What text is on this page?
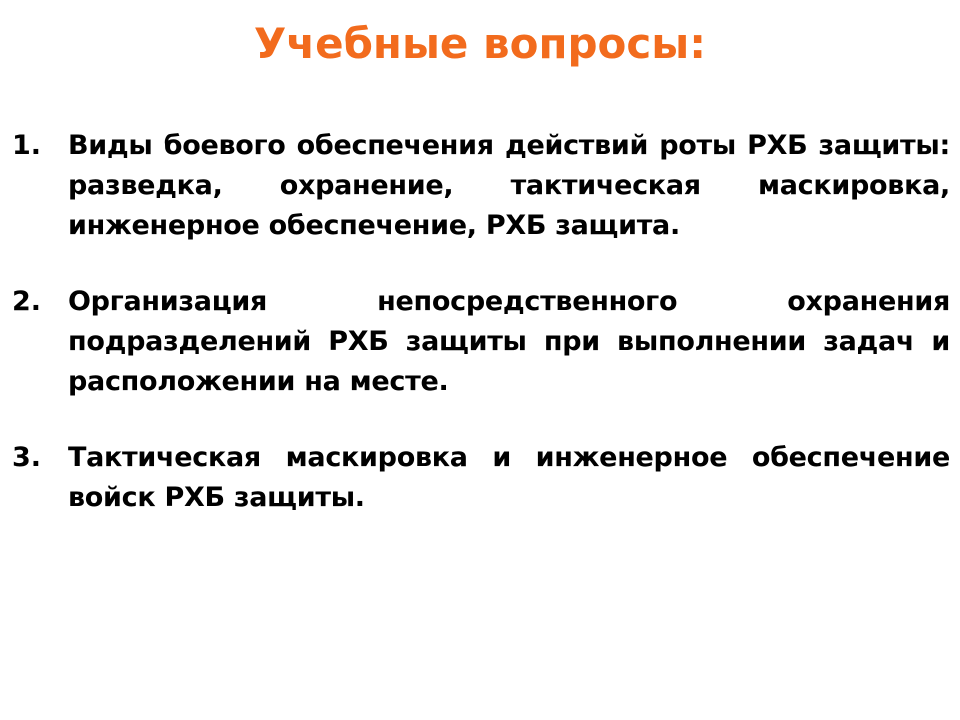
Учебные вопросы:
1. Виды боевого обеспечения действий роты РХБ защиты: разведка, охранение, тактическая маскировка, инженерное обеспечение, РХБ защита.
2. Организация непосредственного охранения подразделений РХБ защиты при выполнении задач и расположении на месте.
3. Тактическая маскировка и инженерное обеспечение войск РХБ защиты.
